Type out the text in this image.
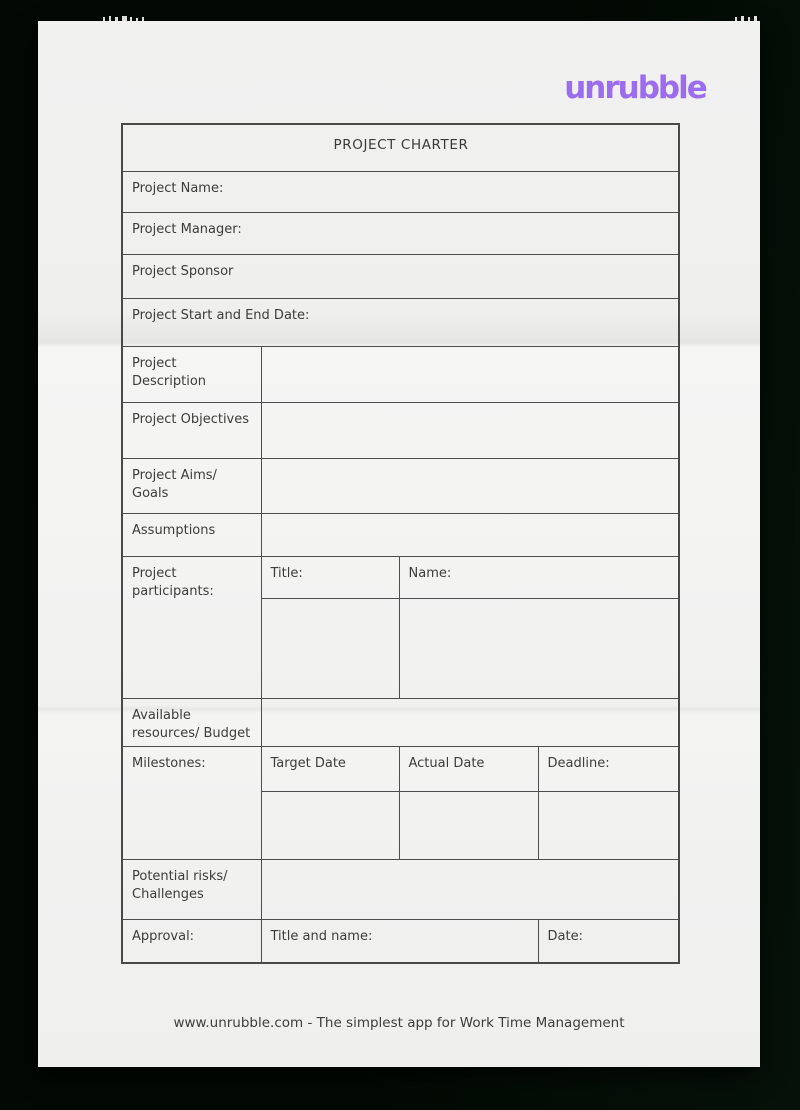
unrubble
PROJECT CHARTER			
Project Name:			
Project Manager:			
Project Sponsor			
Project Start and End Date:			
Project Description			
Project Objectives			
Project Aims/ Goals			
Assumptions			
Project participants:	Title:	Name:	

Available resources/ Budget			
Milestones:	Target Date	Actual Date	Deadline:

Potential risks/ Challenges			
Approval:	Title and name:		Date:
www.unrubble.com - The simplest app for Work Time Management
